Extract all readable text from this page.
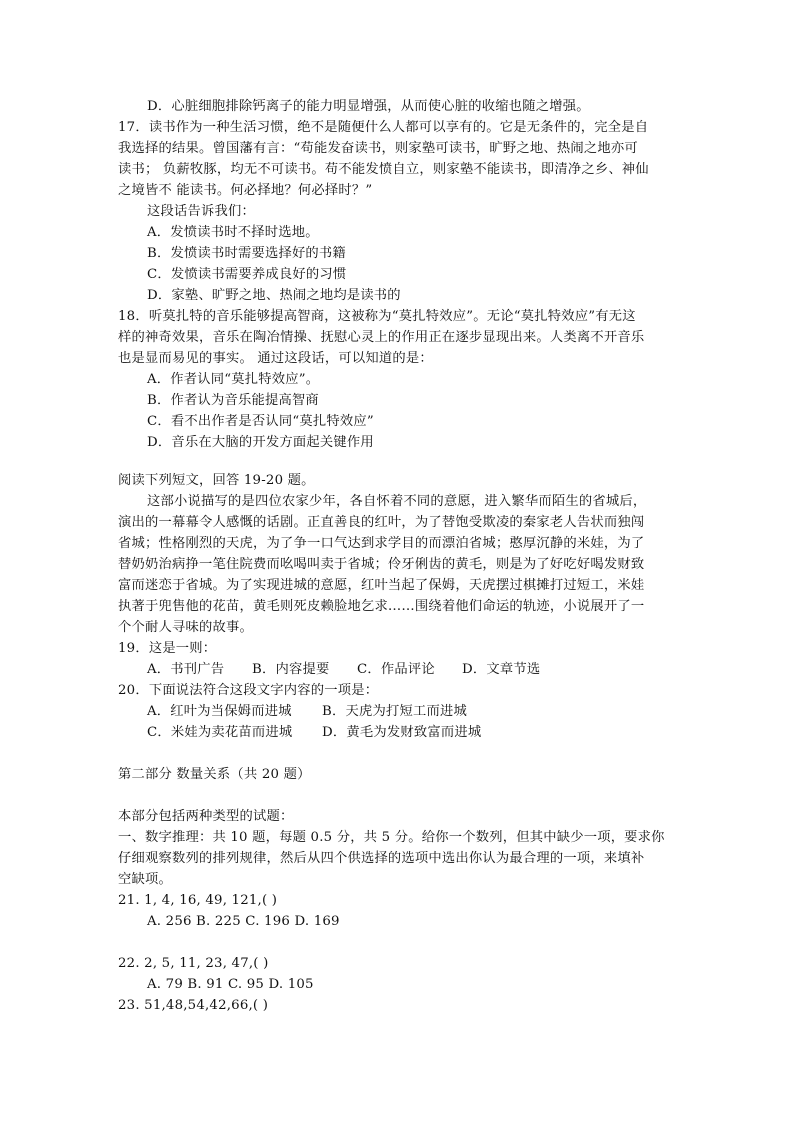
D．心脏细胞排除钙离子的能力明显增强，从而使心脏的收缩也随之增强。
17．读书作为一种生活习惯，绝不是随便什么人都可以享有的。它是无条件的，完全是自
我选择的结果。曾国藩有言：“苟能发奋读书，则家塾可读书，旷野之地、热闹之地亦可
读书； 负薪牧豚，均无不可读书。苟不能发愤自立，则家塾不能读书，即清净之乡、神仙
之境皆不 能读书。何必择地？何必择时？”
这段话告诉我们：
A．发愤读书时不择时选地。
B．发愤读书时需要选择好的书籍
C．发愤读书需要养成良好的习惯
D．家塾、旷野之地、热闹之地均是读书的
18．听莫扎特的音乐能够提高智商，这被称为“莫扎特效应”。无论“莫扎特效应”有无这
样的神奇效果，音乐在陶冶情操、抚慰心灵上的作用正在逐步显现出来。人类离不开音乐
也是显而易见的事实。 通过这段话，可以知道的是：
A．作者认同“莫扎特效应”。
B．作者认为音乐能提高智商
C．看不出作者是否认同“莫扎特效应”
D．音乐在大脑的开发方面起关键作用
阅读下列短文，回答 19-20 题。
这部小说描写的是四位农家少年，各自怀着不同的意愿，进入繁华而陌生的省城后，
演出的一幕幕令人感慨的话剧。正直善良的红叶，为了替饱受欺凌的秦家老人告状而独闯
省城；性格刚烈的天虎，为了争一口气达到求学目的而漂泊省城；憨厚沉静的米娃，为了
替奶奶治病挣一笔住院费而吆喝叫卖于省城；伶牙俐齿的黄毛，则是为了好吃好喝发财致
富而迷恋于省城。为了实现进城的意愿，红叶当起了保姆，天虎摆过棋摊打过短工，米娃
执著于兜售他的花苗，黄毛则死皮赖脸地乞求……围绕着他们命运的轨迹，小说展开了一
个个耐人寻味的故事。
19．这是一则：
A．书刊广告 B．内容提要 C．作品评论 D．文章节选
20．下面说法符合这段文字内容的一项是：
A．红叶为当保姆而进城 B．天虎为打短工而进城
C．米娃为卖花苗而进城 D．黄毛为发财致富而进城
第二部分 数量关系（共 20 题）
本部分包括两种类型的试题：
一、数字推理：共 10 题，每题 0.5 分，共 5 分。给你一个数列，但其中缺少一项，要求你
仔细观察数列的排列规律，然后从四个供选择的选项中选出你认为最合理的一项，来填补
空缺项。
21. 1, 4, 16, 49, 121,( )
A. 256 B. 225 C. 196 D. 169
22. 2, 5, 11, 23, 47,( )
A. 79 B. 91 C. 95 D. 105
23. 51,48,54,42,66,( )
